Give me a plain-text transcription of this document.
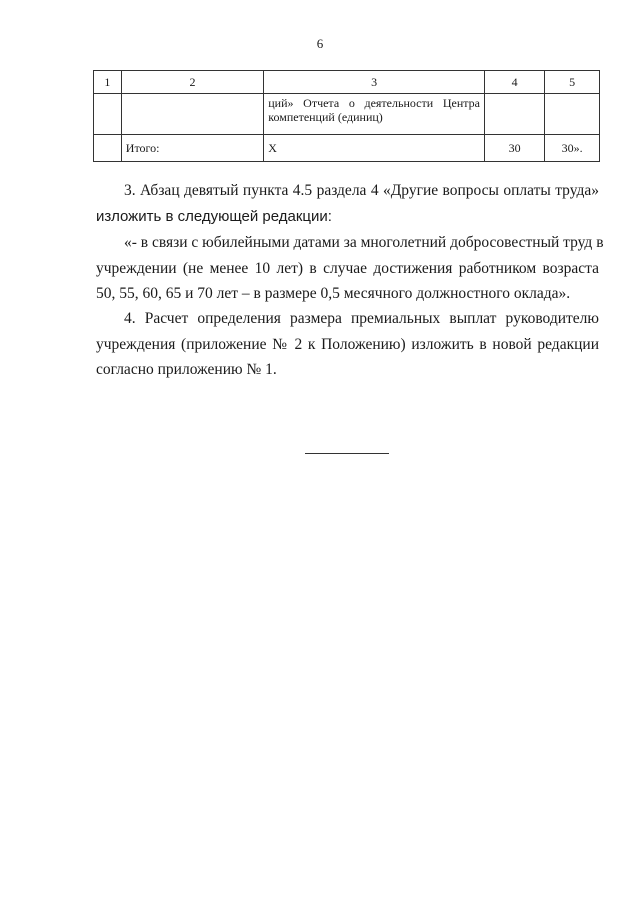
6
1	2	3	4	5

		ций» Отчета о деятельности Центра
компетенций (единиц)		

	Итого:	Х	30	30».
3. Абзац девятый пункта 4.5 раздела 4 «Другие вопросы оплаты труда»
изложить в следующей редакции:
«- в связи с юбилейными датами за многолетний добросовестный труд в
учреждении (не менее 10 лет) в случае достижения работником возраста
50, 55, 60, 65 и 70 лет – в размере 0,5 месячного должностного оклада».
4. Расчет определения размера премиальных выплат руководителю
учреждения (приложение № 2 к Положению) изложить в новой редакции
согласно приложению № 1.
